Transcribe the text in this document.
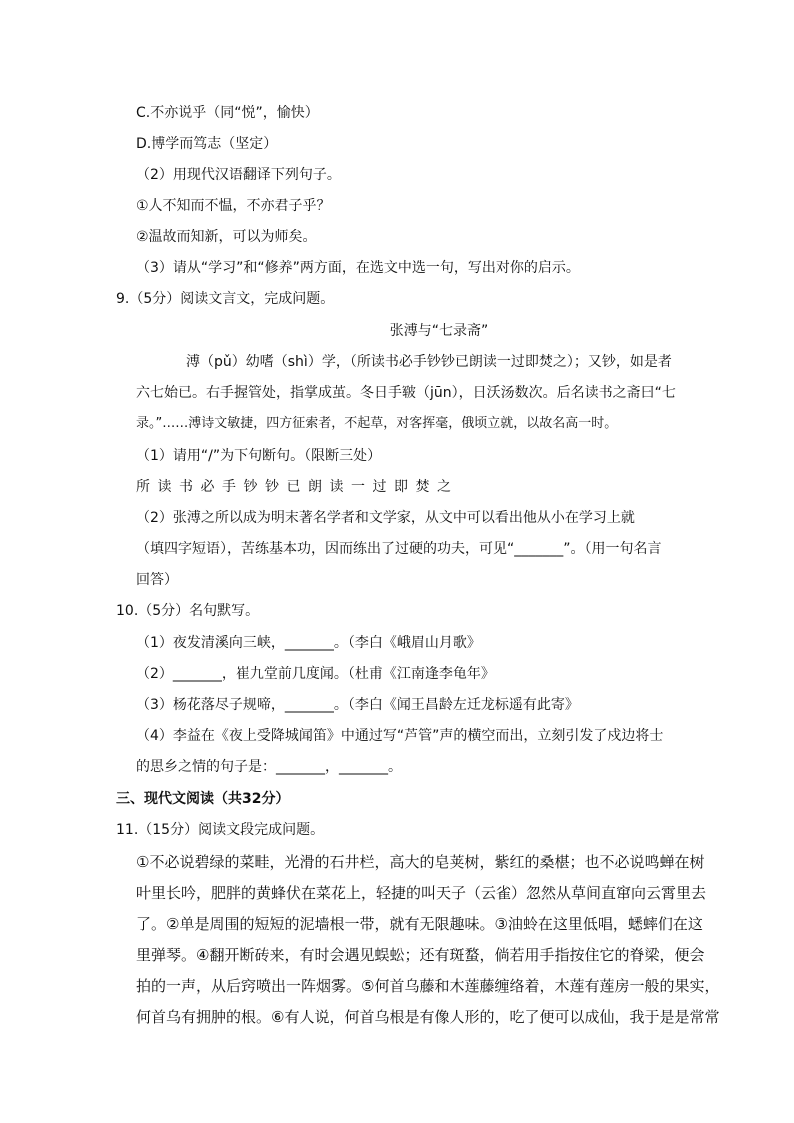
C.不亦说乎（同“悦”，愉快）
D.博学而笃志（坚定）
（2）用现代汉语翻译下列句子。
①人不知而不愠，不亦君子乎？
②温故而知新，可以为师矣。
（3）请从“学习”和“修养”两方面，在选文中选一句，写出对你的启示。
9.（5分）阅读文言文，完成问题。
张溥与“七录斋”
溥（pǔ）幼嗜（shì）学，（所读书必手钞钞已朗读一过即焚之）；又钞，如是者
六七始已。右手握管处，指掌成茧。冬日手皲（jūn），日沃汤数次。后名读书之斋曰“七
录。”……溥诗文敏捷，四方征索者，不起草，对客挥毫，俄顷立就，以故名高一时。
（1）请用“/”为下句断句。（限断三处）
所读书必手钞钞已朗读一过即焚之
（2）张溥之所以成为明末著名学者和文学家，从文中可以看出他从小在学习上就
（填四字短语），苦练基本功，因而练出了过硬的功夫，可见“_______”。（用一句名言
回答）
10.（5分）名句默写。
（1）夜发清溪向三峡，_______。（李白《峨眉山月歌》
（2）_______，崔九堂前几度闻。（杜甫《江南逢李龟年》
（3）杨花落尽子规啼，_______。（李白《闻王昌龄左迁龙标遥有此寄》
（4）李益在《夜上受降城闻笛》中通过写“芦管”声的横空而出，立刻引发了戍边将士
的思乡之情的句子是：_______，_______。
三、现代文阅读（共32分）
11.（15分）阅读文段完成问题。
①不必说碧绿的菜畦，光滑的石井栏，高大的皂荚树，紫红的桑椹；也不必说鸣蝉在树
叶里长吟，肥胖的黄蜂伏在菜花上，轻捷的叫天子（云雀）忽然从草间直窜向云霄里去
了。②单是周围的短短的泥墙根一带，就有无限趣味。③油蛉在这里低唱，蟋蟀们在这
里弹琴。④翻开断砖来，有时会遇见蜈蚣；还有斑蝥，倘若用手指按住它的脊梁，便会
拍的一声，从后窍喷出一阵烟雾。⑤何首乌藤和木莲藤缠络着，木莲有莲房一般的果实，
何首乌有拥肿的根。⑥有人说，何首乌根是有像人形的，吃了便可以成仙，我于是是常常
